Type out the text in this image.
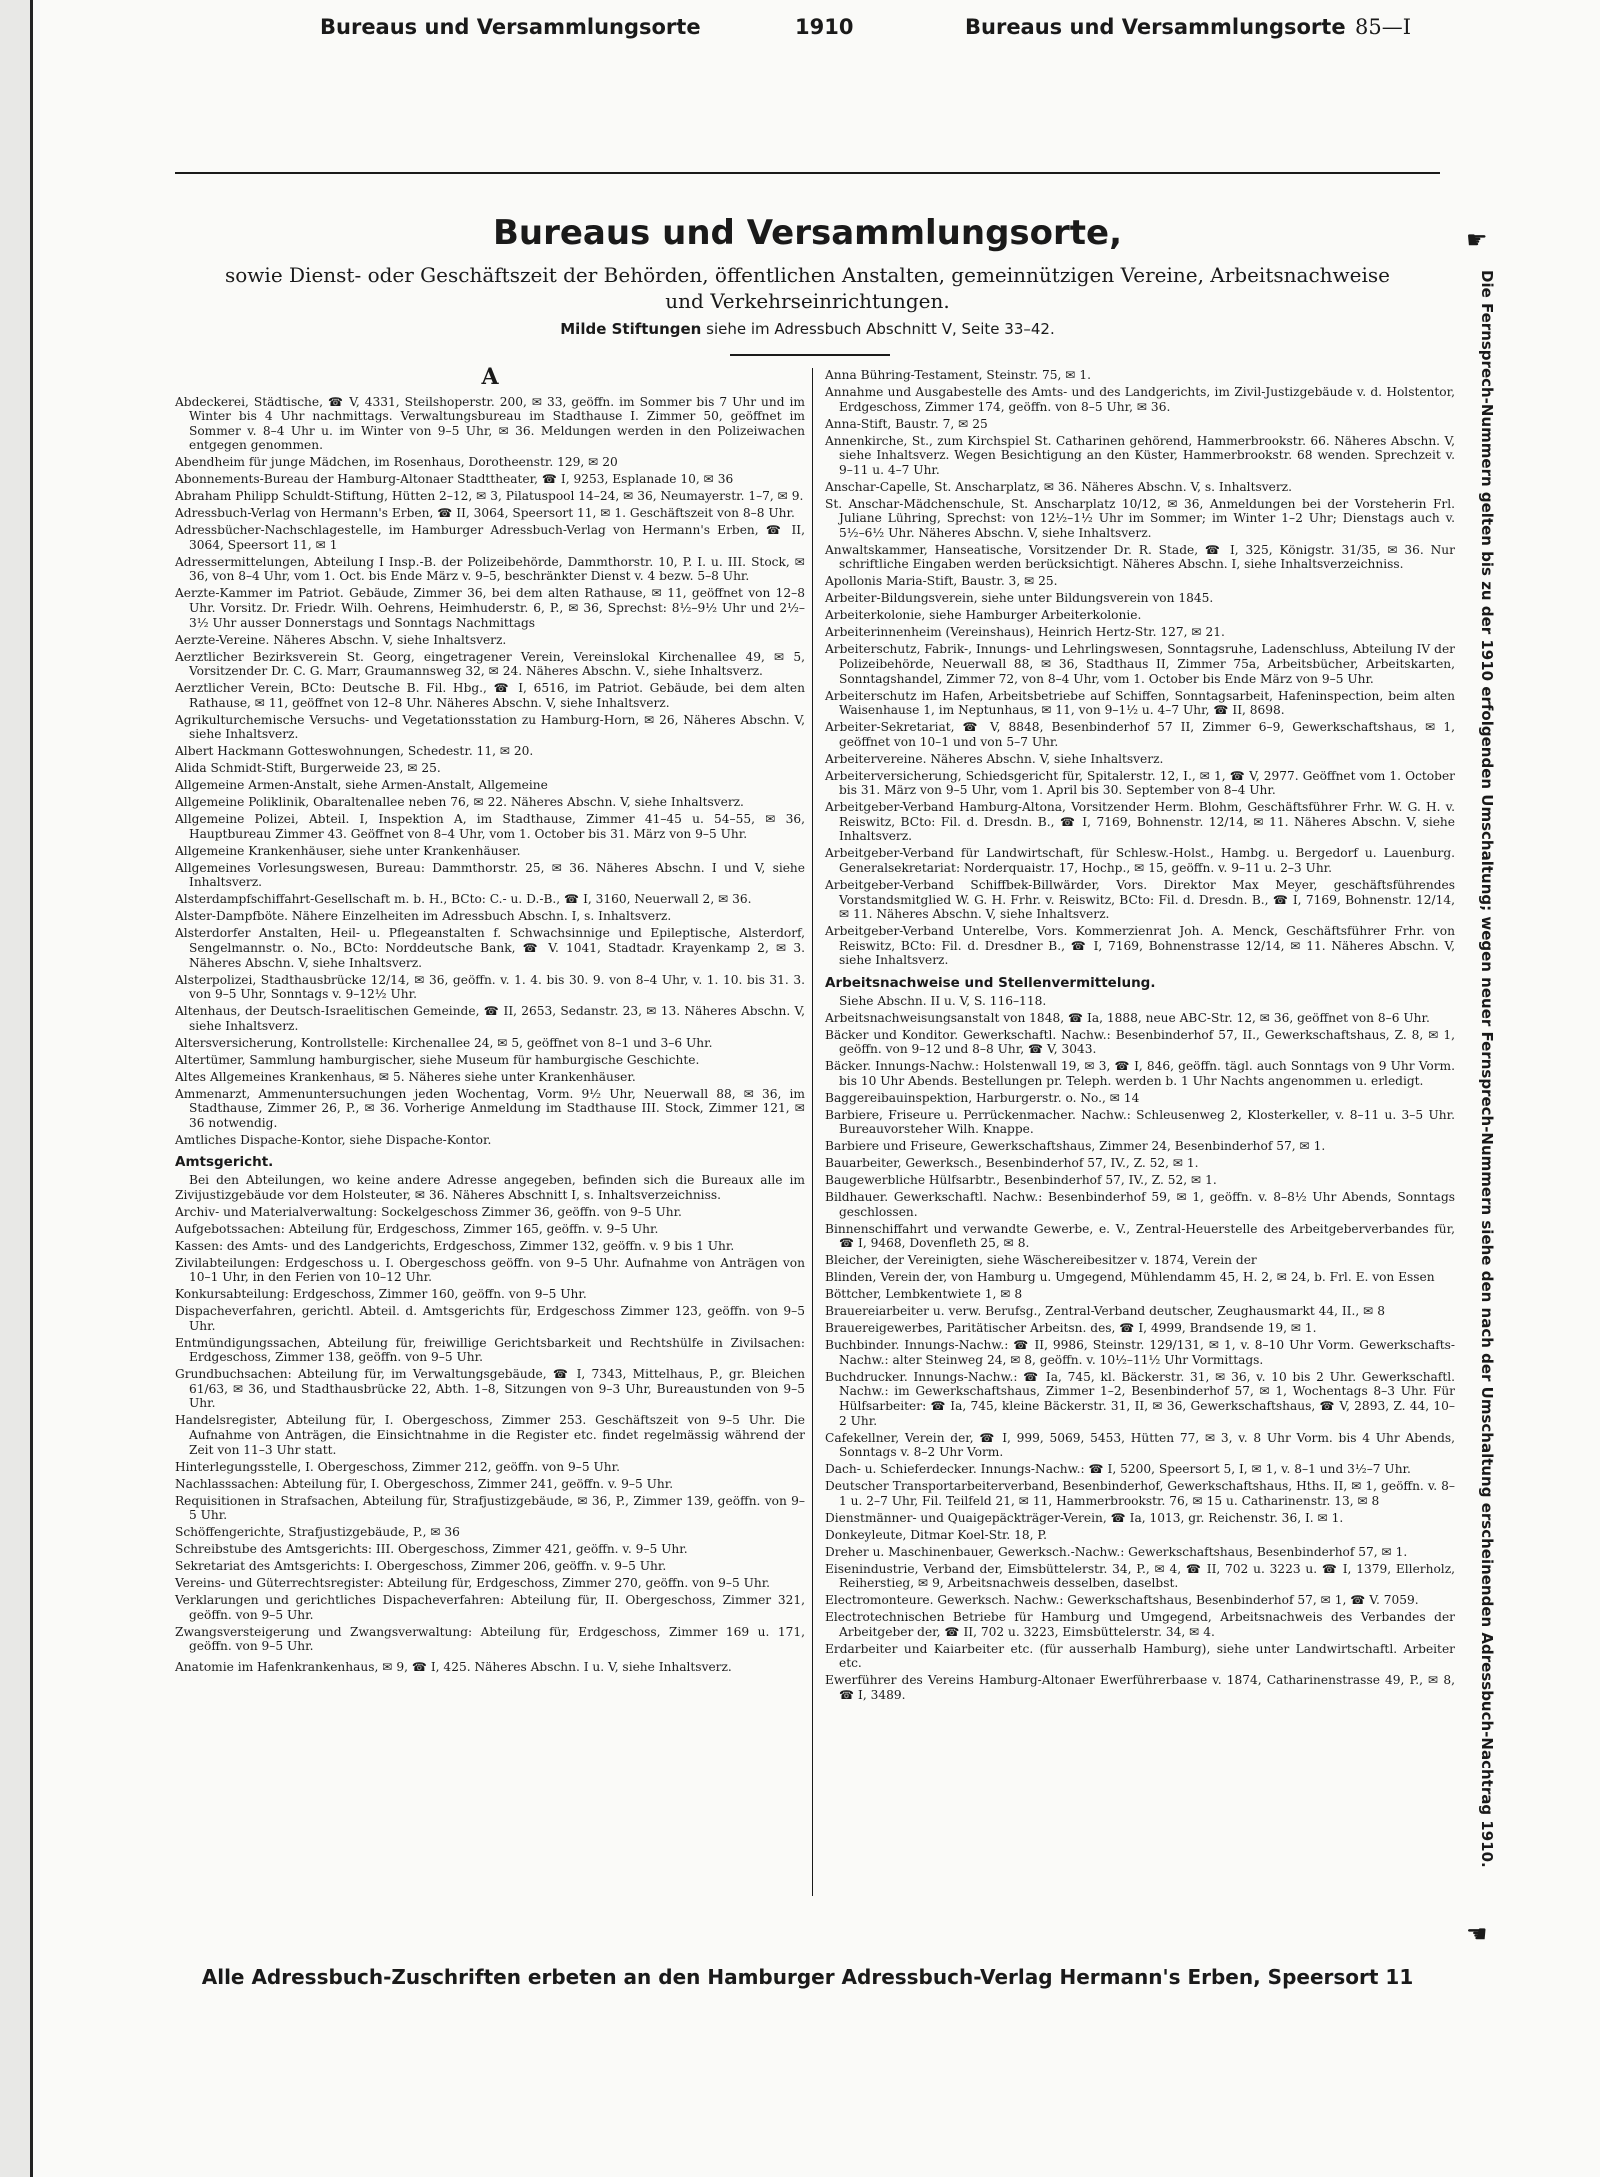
Bureaus und Versammlungsorte	1910	Bureaus und Versammlungsorte 85—I
Bureaus und Versammlungsorte,
sowie Dienst- oder Geschäftszeit der Behörden, öffentlichen Anstalten, gemeinnützigen Vereine, Arbeitsnachweise
und Verkehrseinrichtungen.
Milde Stiftungen siehe im Adressbuch Abschnitt V, Seite 33–42.

A

Abdeckerei, Städtische, ☎ V, 4331, Steilshoperstr. 200, ✉ 33, geöffn. im Sommer bis 7 Uhr und im Winter bis 4 Uhr nachmittags. Verwaltungsbureau im Stadthause I. Zimmer 50, geöffnet im Sommer v. 8–4 Uhr u. im Winter von 9–5 Uhr, ✉ 36. Meldungen werden in den Polizeiwachen entgegen genommen.

Abendheim für junge Mädchen, im Rosenhaus, Dorotheenstr. 129, ✉ 20

Abonnements-Bureau der Hamburg-Altonaer Stadttheater, ☎ I, 9253, Esplanade 10, ✉ 36

Abraham Philipp Schuldt-Stiftung, Hütten 2–12, ✉ 3, Pilatuspool 14–24, ✉ 36, Neumayerstr. 1–7, ✉ 9.

Adressbuch-Verlag von Hermann's Erben, ☎ II, 3064, Speersort 11, ✉ 1. Geschäftszeit von 8–8 Uhr.

Adressbücher-Nachschlagestelle, im Hamburger Adressbuch-Verlag von Hermann's Erben, ☎ II, 3064, Speersort 11, ✉ 1

Adressermittelungen, Abteilung I Insp.-B. der Polizeibehörde, Dammthorstr. 10, P. I. u. III. Stock, ✉ 36, von 8–4 Uhr, vom 1. Oct. bis Ende März v. 9–5, beschränkter Dienst v. 4 bezw. 5–8 Uhr.

Aerzte-Kammer im Patriot. Gebäude, Zimmer 36, bei dem alten Rathause, ✉ 11, geöffnet von 12–8 Uhr. Vorsitz. Dr. Friedr. Wilh. Oehrens, Heimhuderstr. 6, P., ✉ 36, Sprechst: 8½–9½ Uhr und 2½–3½ Uhr ausser Donnerstags und Sonntags Nachmittags

Aerzte-Vereine. Näheres Abschn. V, siehe Inhaltsverz.

Aerztlicher Bezirksverein St. Georg, eingetragener Verein, Vereinslokal Kirchenallee 49, ✉ 5, Vorsitzender Dr. C. G. Marr, Graumannsweg 32, ✉ 24. Näheres Abschn. V., siehe Inhaltsverz.

Aerztlicher Verein, BCto: Deutsche B. Fil. Hbg., ☎ I, 6516, im Patriot. Gebäude, bei dem alten Rathause, ✉ 11, geöffnet von 12–8 Uhr. Näheres Abschn. V, siehe Inhaltsverz.

Agrikulturchemische Versuchs- und Vegetationsstation zu Hamburg-Horn, ✉ 26, Näheres Abschn. V, siehe Inhaltsverz.

Albert Hackmann Gotteswohnungen, Schedestr. 11, ✉ 20.

Alida Schmidt-Stift, Burgerweide 23, ✉ 25.

Allgemeine Armen-Anstalt, siehe Armen-Anstalt, Allgemeine

Allgemeine Poliklinik, Obaraltenallee neben 76, ✉ 22. Näheres Abschn. V, siehe Inhaltsverz.

Allgemeine Polizei, Abteil. I, Inspektion A, im Stadthause, Zimmer 41–45 u. 54–55, ✉ 36, Hauptbureau Zimmer 43. Geöffnet von 8–4 Uhr, vom 1. October bis 31. März von 9–5 Uhr.

Allgemeine Krankenhäuser, siehe unter Krankenhäuser.

Allgemeines Vorlesungswesen, Bureau: Dammthorstr. 25, ✉ 36. Näheres Abschn. I und V, siehe Inhaltsverz.

Alsterdampfschiffahrt-Gesellschaft m. b. H., BCto: C.- u. D.-B., ☎ I, 3160, Neuerwall 2, ✉ 36.

Alster-Dampfböte. Nähere Einzelheiten im Adressbuch Abschn. I, s. Inhaltsverz.

Alsterdorfer Anstalten, Heil- u. Pflegeanstalten f. Schwachsinnige und Epileptische, Alsterdorf, Sengelmannstr. o. No., BCto: Norddeutsche Bank, ☎ V. 1041, Stadtadr. Krayenkamp 2, ✉ 3. Näheres Abschn. V, siehe Inhaltsverz.

Alsterpolizei, Stadthausbrücke 12/14, ✉ 36, geöffn. v. 1. 4. bis 30. 9. von 8–4 Uhr, v. 1. 10. bis 31. 3. von 9–5 Uhr, Sonntags v. 9–12½ Uhr.

Altenhaus, der Deutsch-Israelitischen Gemeinde, ☎ II, 2653, Sedanstr. 23, ✉ 13. Näheres Abschn. V, siehe Inhaltsverz.

Altersversicherung, Kontrollstelle: Kirchenallee 24, ✉ 5, geöffnet von 8–1 und 3–6 Uhr.

Altertümer, Sammlung hamburgischer, siehe Museum für hamburgische Geschichte.

Altes Allgemeines Krankenhaus, ✉ 5. Näheres siehe unter Krankenhäuser.

Ammenarzt, Ammenuntersuchungen jeden Wochentag, Vorm. 9½ Uhr, Neuerwall 88, ✉ 36, im Stadthause, Zimmer 26, P., ✉ 36. Vorherige Anmeldung im Stadthause III. Stock, Zimmer 121, ✉ 36 notwendig.

Amtliches Dispache-Kontor, siehe Dispache-Kontor.

Amtsgericht.

Bei den Abteilungen, wo keine andere Adresse angegeben, befinden sich die Bureaux alle im Zivijustizgebäude vor dem Holsteuter, ✉ 36. Näheres Abschnitt I, s. Inhaltsverzeichniss.

Archiv- und Materialverwaltung: Sockelgeschoss Zimmer 36, geöffn. von 9–5 Uhr.

Aufgebotssachen: Abteilung für, Erdgeschoss, Zimmer 165, geöffn. v. 9–5 Uhr.

Kassen: des Amts- und des Landgerichts, Erdgeschoss, Zimmer 132, geöffn. v. 9 bis 1 Uhr.

Zivilabteilungen: Erdgeschoss u. I. Obergeschoss geöffn. von 9–5 Uhr. Aufnahme von Anträgen von 10–1 Uhr, in den Ferien von 10–12 Uhr.

Konkursabteilung: Erdgeschoss, Zimmer 160, geöffn. von 9–5 Uhr.

Dispacheverfahren, gerichtl. Abteil. d. Amtsgerichts für, Erdgeschoss Zimmer 123, geöffn. von 9–5 Uhr.

Entmündigungssachen, Abteilung für, freiwillige Gerichtsbarkeit und Rechtshülfe in Zivilsachen: Erdgeschoss, Zimmer 138, geöffn. von 9–5 Uhr.

Grundbuchsachen: Abteilung für, im Verwaltungsgebäude, ☎ I, 7343, Mittelhaus, P., gr. Bleichen 61/63, ✉ 36, und Stadthausbrücke 22, Abth. 1–8, Sitzungen von 9–3 Uhr, Bureaustunden von 9–5 Uhr.

Handelsregister, Abteilung für, I. Obergeschoss, Zimmer 253. Geschäftszeit von 9–5 Uhr. Die Aufnahme von Anträgen, die Einsichtnahme in die Register etc. findet regelmässig während der Zeit von 11–3 Uhr statt.

Hinterlegungsstelle, I. Obergeschoss, Zimmer 212, geöffn. von 9–5 Uhr.

Nachlasssachen: Abteilung für, I. Obergeschoss, Zimmer 241, geöffn. v. 9–5 Uhr.

Requisitionen in Strafsachen, Abteilung für, Strafjustizgebäude, ✉ 36, P., Zimmer 139, geöffn. von 9–5 Uhr.

Schöffengerichte, Strafjustizgebäude, P., ✉ 36

Schreibstube des Amtsgerichts: III. Obergeschoss, Zimmer 421, geöffn. v. 9–5 Uhr.

Sekretariat des Amtsgerichts: I. Obergeschoss, Zimmer 206, geöffn. v. 9–5 Uhr.

Vereins- und Güterrechtsregister: Abteilung für, Erdgeschoss, Zimmer 270, geöffn. von 9–5 Uhr.

Verklarungen und gerichtliches Dispacheverfahren: Abteilung für, II. Obergeschoss, Zimmer 321, geöffn. von 9–5 Uhr.

Zwangsversteigerung und Zwangsverwaltung: Abteilung für, Erdgeschoss, Zimmer 169 u. 171, geöffn. von 9–5 Uhr.

Anatomie im Hafenkrankenhaus, ✉ 9, ☎ I, 425. Näheres Abschn. I u. V, siehe Inhaltsverz.

Anna Bühring-Testament, Steinstr. 75, ✉ 1.

Annahme und Ausgabestelle des Amts- und des Landgerichts, im Zivil-Justizgebäude v. d. Holstentor, Erdgeschoss, Zimmer 174, geöffn. von 8–5 Uhr, ✉ 36.

Anna-Stift, Baustr. 7, ✉ 25

Annenkirche, St., zum Kirchspiel St. Catharinen gehörend, Hammerbrookstr. 66. Näheres Abschn. V, siehe Inhaltsverz. Wegen Besichtigung an den Küster, Hammerbrookstr. 68 wenden. Sprechzeit v. 9–11 u. 4–7 Uhr.

Anschar-Capelle, St. Anscharplatz, ✉ 36. Näheres Abschn. V, s. Inhaltsverz.

St. Anschar-Mädchenschule, St. Anscharplatz 10/12, ✉ 36, Anmeldungen bei der Vorsteherin Frl. Juliane Lühring, Sprechst: von 12½–1½ Uhr im Sommer; im Winter 1–2 Uhr; Dienstags auch v. 5½–6½ Uhr. Näheres Abschn. V, siehe Inhaltsverz.

Anwaltskammer, Hanseatische, Vorsitzender Dr. R. Stade, ☎ I, 325, Königstr. 31/35, ✉ 36. Nur schriftliche Eingaben werden berücksichtigt. Näheres Abschn. I, siehe Inhaltsverzeichniss.

Apollonis Maria-Stift, Baustr. 3, ✉ 25.

Arbeiter-Bildungsverein, siehe unter Bildungsverein von 1845.

Arbeiterkolonie, siehe Hamburger Arbeiterkolonie.

Arbeiterinnenheim (Vereinshaus), Heinrich Hertz-Str. 127, ✉ 21.

Arbeiterschutz, Fabrik-, Innungs- und Lehrlingswesen, Sonntagsruhe, Ladenschluss, Abteilung IV der Polizeibehörde, Neuerwall 88, ✉ 36, Stadthaus II, Zimmer 75a, Arbeitsbücher, Arbeitskarten, Sonntagshandel, Zimmer 72, von 8–4 Uhr, vom 1. October bis Ende März von 9–5 Uhr.

Arbeiterschutz im Hafen, Arbeitsbetriebe auf Schiffen, Sonntagsarbeit, Hafeninspection, beim alten Waisenhause 1, im Neptunhaus, ✉ 11, von 9–1½ u. 4–7 Uhr, ☎ II, 8698.

Arbeiter-Sekretariat, ☎ V, 8848, Besenbinderhof 57 II, Zimmer 6–9, Gewerkschaftshaus, ✉ 1, geöffnet von 10–1 und von 5–7 Uhr.

Arbeitervereine. Näheres Abschn. V, siehe Inhaltsverz.

Arbeiterversicherung, Schiedsgericht für, Spitalerstr. 12, I., ✉ 1, ☎ V, 2977. Geöffnet vom 1. October bis 31. März von 9–5 Uhr, vom 1. April bis 30. September von 8–4 Uhr.

Arbeitgeber-Verband Hamburg-Altona, Vorsitzender Herm. Blohm, Geschäftsführer Frhr. W. G. H. v. Reiswitz, BCto: Fil. d. Dresdn. B., ☎ I, 7169, Bohnenstr. 12/14, ✉ 11. Näheres Abschn. V, siehe Inhaltsverz.

Arbeitgeber-Verband für Landwirtschaft, für Schlesw.-Holst., Hambg. u. Bergedorf u. Lauenburg. Generalsekretariat: Norderquaistr. 17, Hochp., ✉ 15, geöffn. v. 9–11 u. 2–3 Uhr.

Arbeitgeber-Verband Schiffbek-Billwärder, Vors. Direktor Max Meyer, geschäftsführendes Vorstandsmitglied W. G. H. Frhr. v. Reiswitz, BCto: Fil. d. Dresdn. B., ☎ I, 7169, Bohnenstr. 12/14, ✉ 11. Näheres Abschn. V, siehe Inhaltsverz.

Arbeitgeber-Verband Unterelbe, Vors. Kommerzienrat Joh. A. Menck, Geschäftsführer Frhr. von Reiswitz, BCto: Fil. d. Dresdner B., ☎ I, 7169, Bohnenstrasse 12/14, ✉ 11. Näheres Abschn. V, siehe Inhaltsverz.

Arbeitsnachweise und Stellenvermittelung.

Siehe Abschn. II u. V, S. 116–118.

Arbeitsnachweisungsanstalt von 1848, ☎ Ia, 1888, neue ABC-Str. 12, ✉ 36, geöffnet von 8–6 Uhr.

Bäcker und Konditor. Gewerkschaftl. Nachw.: Besenbinderhof 57, II., Gewerkschaftshaus, Z. 8, ✉ 1, geöffn. von 9–12 und 8–8 Uhr, ☎ V, 3043.

Bäcker. Innungs-Nachw.: Holstenwall 19, ✉ 3, ☎ I, 846, geöffn. tägl. auch Sonntags von 9 Uhr Vorm. bis 10 Uhr Abends. Bestellungen pr. Teleph. werden b. 1 Uhr Nachts angenommen u. erledigt.

Baggereibauinspektion, Harburgerstr. o. No., ✉ 14

Barbiere, Friseure u. Perrückenmacher. Nachw.: Schleusenweg 2, Klosterkeller, v. 8–11 u. 3–5 Uhr. Bureauvorsteher Wilh. Knappe.

Barbiere und Friseure, Gewerkschaftshaus, Zimmer 24, Besenbinderhof 57, ✉ 1.

Bauarbeiter, Gewerksch., Besenbinderhof 57, IV., Z. 52, ✉ 1.

Baugewerbliche Hülfsarbtr., Besenbinderhof 57, IV., Z. 52, ✉ 1.

Bildhauer. Gewerkschaftl. Nachw.: Besenbinderhof 59, ✉ 1, geöffn. v. 8–8½ Uhr Abends, Sonntags geschlossen.

Binnenschiffahrt und verwandte Gewerbe, e. V., Zentral-Heuerstelle des Arbeitgeberverbandes für, ☎ I, 9468, Dovenfleth 25, ✉ 8.

Bleicher, der Vereinigten, siehe Wäschereibesitzer v. 1874, Verein der

Blinden, Verein der, von Hamburg u. Umgegend, Mühlendamm 45, H. 2, ✉ 24, b. Frl. E. von Essen

Böttcher, Lembkentwiete 1, ✉ 8

Brauereiarbeiter u. verw. Berufsg., Zentral-Verband deutscher, Zeughausmarkt 44, II., ✉ 8

Brauereigewerbes, Paritätischer Arbeitsn. des, ☎ I, 4999, Brandsende 19, ✉ 1.

Buchbinder. Innungs-Nachw.: ☎ II, 9986, Steinstr. 129/131, ✉ 1, v. 8–10 Uhr Vorm. Gewerkschafts-Nachw.: alter Steinweg 24, ✉ 8, geöffn. v. 10½–11½ Uhr Vormittags.

Buchdrucker. Innungs-Nachw.: ☎ Ia, 745, kl. Bäckerstr. 31, ✉ 36, v. 10 bis 2 Uhr. Gewerkschaftl. Nachw.: im Gewerkschaftshaus, Zimmer 1–2, Besenbinderhof 57, ✉ 1, Wochentags 8–3 Uhr. Für Hülfsarbeiter: ☎ Ia, 745, kleine Bäckerstr. 31, II, ✉ 36, Gewerkschaftshaus, ☎ V, 2893, Z. 44, 10–2 Uhr.

Cafekellner, Verein der, ☎ I, 999, 5069, 5453, Hütten 77, ✉ 3, v. 8 Uhr Vorm. bis 4 Uhr Abends, Sonntags v. 8–2 Uhr Vorm.

Dach- u. Schieferdecker. Innungs-Nachw.: ☎ I, 5200, Speersort 5, I, ✉ 1, v. 8–1 und 3½–7 Uhr.

Deutscher Transportarbeiterverband, Besenbinderhof, Gewerkschaftshaus, Hths. II, ✉ 1, geöffn. v. 8–1 u. 2–7 Uhr, Fil. Teilfeld 21, ✉ 11, Hammerbrookstr. 76, ✉ 15 u. Catharinenstr. 13, ✉ 8

Dienstmänner- und Quaigepäckträger-Verein, ☎ Ia, 1013, gr. Reichenstr. 36, I. ✉ 1.

Donkeyleute, Ditmar Koel-Str. 18, P.

Dreher u. Maschinenbauer, Gewerksch.-Nachw.: Gewerkschaftshaus, Besenbinderhof 57, ✉ 1.

Eisenindustrie, Verband der, Eimsbüttelerstr. 34, P., ✉ 4, ☎ II, 702 u. 3223 u. ☎ I, 1379, Ellerholz, Reiherstieg, ✉ 9, Arbeitsnachweis desselben, daselbst.

Electromonteure. Gewerksch. Nachw.: Gewerkschaftshaus, Besenbinderhof 57, ✉ 1, ☎ V. 7059.

Electrotechnischen Betriebe für Hamburg und Umgegend, Arbeitsnachweis des Verbandes der Arbeitgeber der, ☎ II, 702 u. 3223, Eimsbüttelerstr. 34, ✉ 4.

Erdarbeiter und Kaiarbeiter etc. (für ausserhalb Hamburg), siehe unter Landwirtschaftl. Arbeiter etc.

Ewerführer des Vereins Hamburg-Altonaer Ewerführerbaase v. 1874, Catharinenstrasse 49, P., ✉ 8, ☎ I, 3489.

☛
Die Fernsprech-Nummern gelten bis zu der 1910 erfolgenden Umschaltung; wegen neuer Fernsprech-Nummern siehe den nach der Umschaltung erscheinenden Adressbuch-Nachtrag 1910.
☚
Alle Adressbuch-Zuschriften erbeten an den Hamburger Adressbuch-Verlag Hermann's Erben, Speersort 11
